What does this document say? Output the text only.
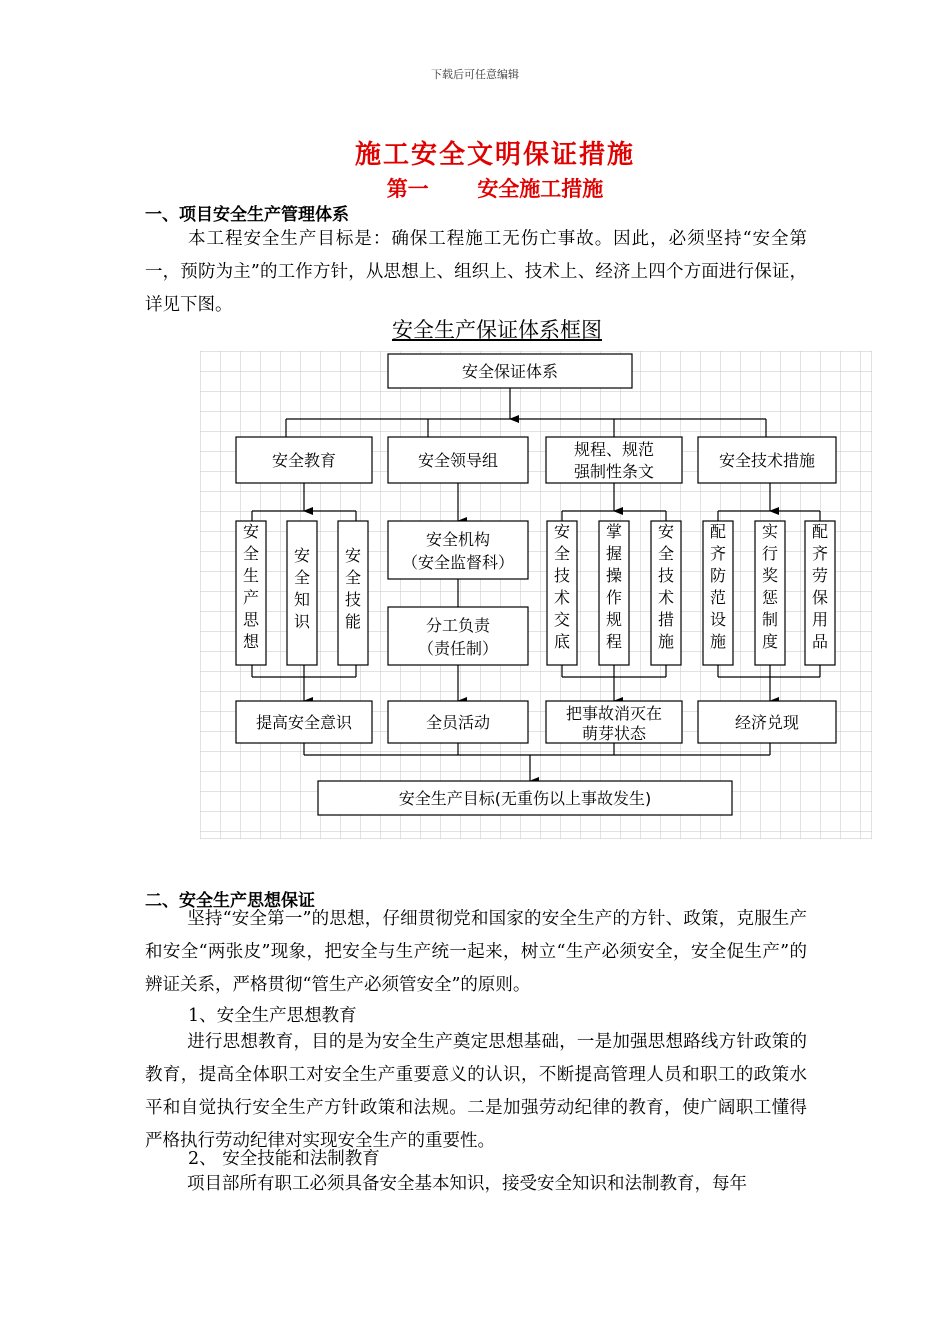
下载后可任意编辑
施工安全文明保证措施
第一 安全施工措施
一、项目安全生产管理体系
本工程安全生产目标是：确保工程施工无伤亡事故。因此，必须坚持“安全第一，预防为主”的工作方针，从思想上、组织上、技术上、经济上四个方面进行保证，详见下图。
安全生产保证体系框图
安全保证体系
安全教育	安全领导组
规程、规范
强制性条文
安全技术措施
安全生产思想
安全知识
安全技能
安全机构
（安全监督科）
分工负责
（责任制）
安全技术交底
掌握操作规程
安全技术措施
配齐防范设施
实行奖惩制度
配齐劳保用品
提高安全意识	全员活动	把事故消灭在
萌芽状态
经济兑现
安全生产目标(无重伤以上事故发生)
二、安全生产思想保证
坚持“安全第一”的思想，仔细贯彻党和国家的安全生产的方针、政策，克服生产和安全“两张皮”现象，把安全与生产统一起来，树立“生产必须安全，安全促生产”的辨证关系，严格贯彻“管生产必须管安全”的原则。
1、安全生产思想教育
进行思想教育，目的是为安全生产奠定思想基础，一是加强思想路线方针政策的教育，提高全体职工对安全生产重要意义的认识，不断提高管理人员和职工的政策水平和自觉执行安全生产方针政策和法规。二是加强劳动纪律的教育，使广阔职工懂得严格执行劳动纪律对实现安全生产的重要性。
2、 安全技能和法制教育
项目部所有职工必须具备安全基本知识，接受安全知识和法制教育，每年
